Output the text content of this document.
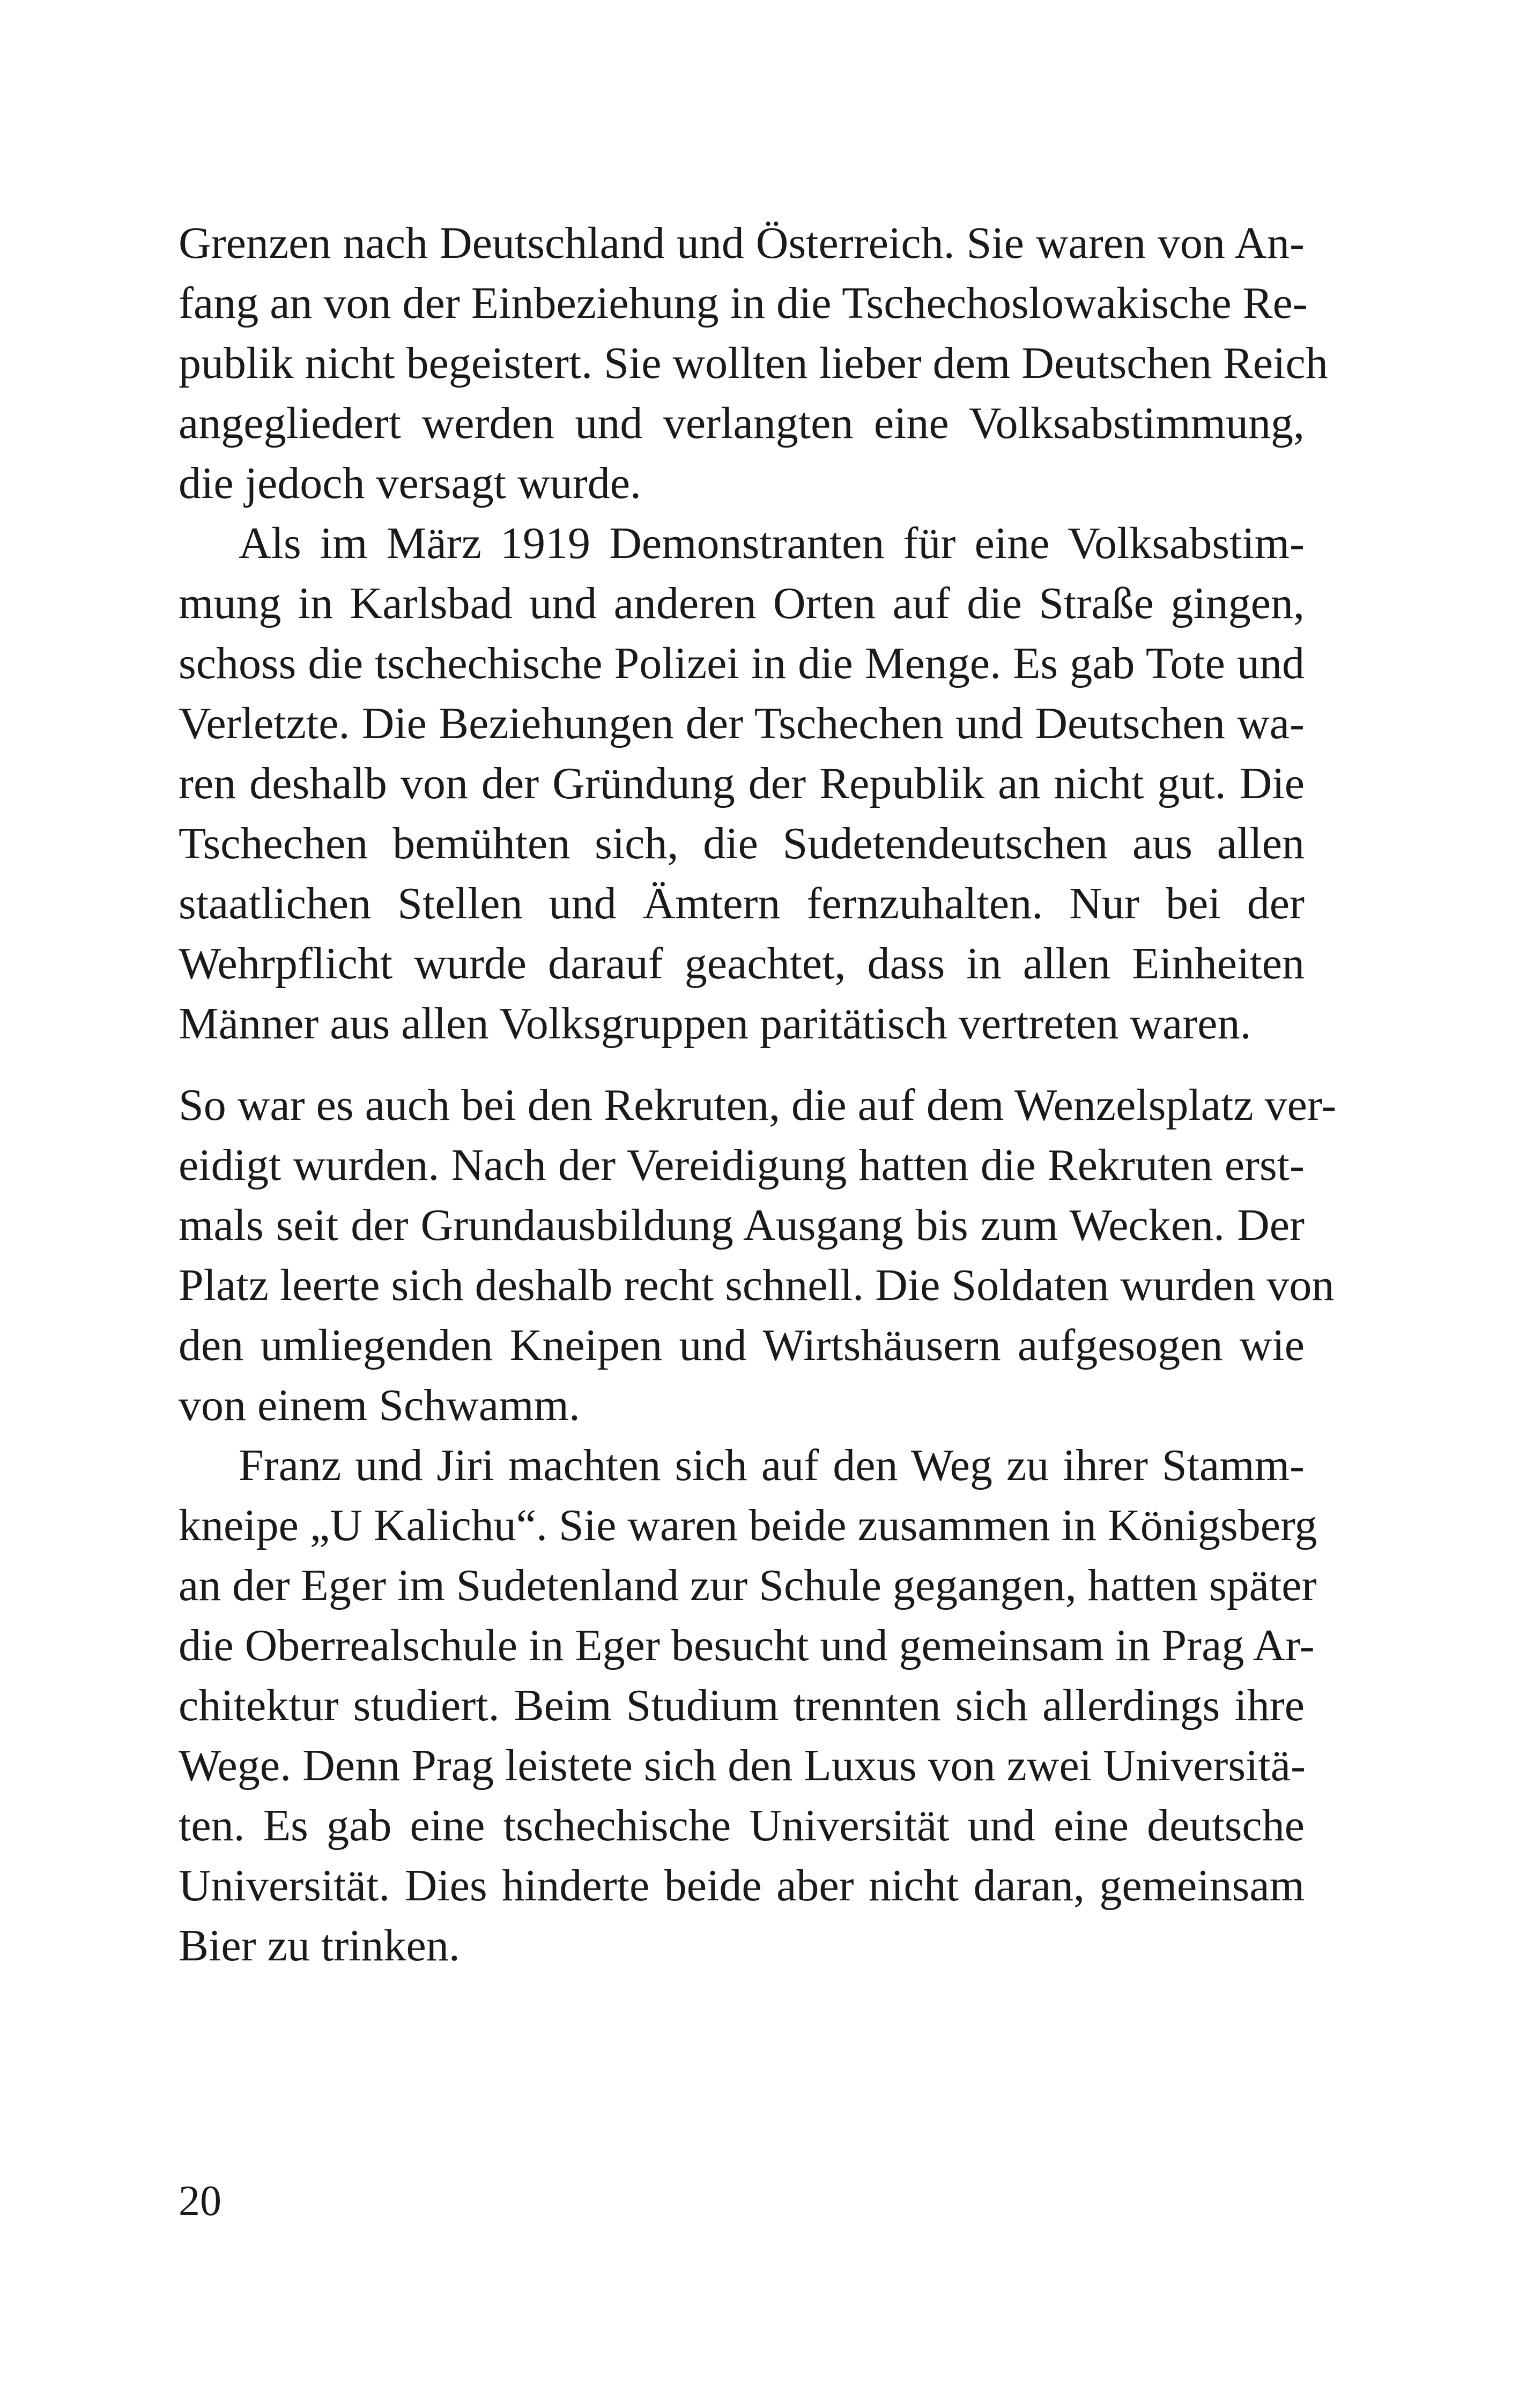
Grenzen nach Deutschland und Österreich. Sie waren von An-
fang an von der Einbeziehung in die Tschechoslowakische Re-
publik nicht begeistert. Sie wollten lieber dem Deutschen Reich
angegliedert werden und verlangten eine Volksabstimmung,
die jedoch versagt wurde.
Als im März 1919 Demonstranten für eine Volksabstim-
mung in Karlsbad und anderen Orten auf die Straße gingen,
schoss die tschechische Polizei in die Menge. Es gab Tote und
Verletzte. Die Beziehungen der Tschechen und Deutschen wa-
ren deshalb von der Gründung der Republik an nicht gut. Die
Tschechen bemühten sich, die Sudetendeutschen aus allen
staatlichen Stellen und Ämtern fernzuhalten. Nur bei der
Wehrpflicht wurde darauf geachtet, dass in allen Einheiten
Männer aus allen Volksgruppen paritätisch vertreten waren.
So war es auch bei den Rekruten, die auf dem Wenzelsplatz ver-
eidigt wurden. Nach der Vereidigung hatten die Rekruten erst-
mals seit der Grundausbildung Ausgang bis zum Wecken. Der
Platz leerte sich deshalb recht schnell. Die Soldaten wurden von
den umliegenden Kneipen und Wirtshäusern aufgesogen wie
von einem Schwamm.
Franz und Jiri machten sich auf den Weg zu ihrer Stamm-
kneipe „U Kalichu“. Sie waren beide zusammen in Königsberg
an der Eger im Sudetenland zur Schule gegangen, hatten später
die Oberrealschule in Eger besucht und gemeinsam in Prag Ar-
chitektur studiert. Beim Studium trennten sich allerdings ihre
Wege. Denn Prag leistete sich den Luxus von zwei Universitä-
ten. Es gab eine tschechische Universität und eine deutsche
Universität. Dies hinderte beide aber nicht daran, gemeinsam
Bier zu trinken.
20
